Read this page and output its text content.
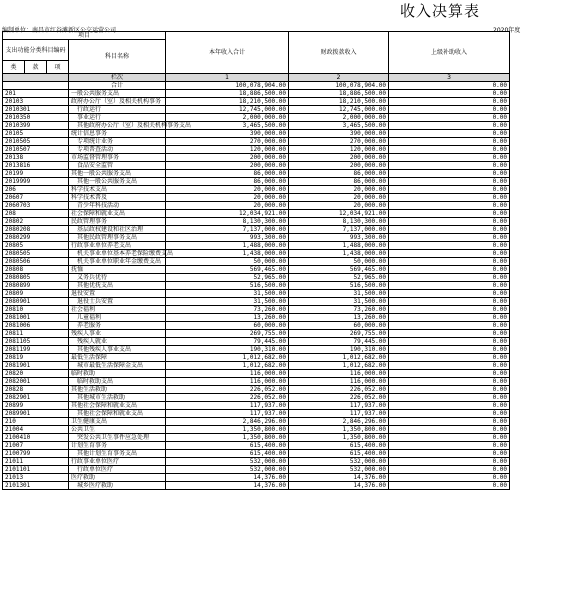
收入决算表
编制单位：南昌市红谷滩新区公交运营公司	2020年度
项目				本年收入合计	财政拨款收入	上级补助收入
支出功能分类科目编码			科目名称			
类	款	项				
			栏次	1	2	3
			合计	100,078,904.00	100,078,904.00	0.00
201			一般公共服务支出	18,886,500.00	18,886,500.00	0.00
20103			政府办公厅（室）及相关机构事务	18,210,500.00	18,210,500.00	0.00
2010301			行政运行	12,745,000.00	12,745,000.00	0.00
2010350			事业运行	2,000,000.00	2,000,000.00	0.00
2010399			其他政府办公厅（室）及相关机构事务支出	3,465,500.00	3,465,500.00	0.00
20105			统计信息事务	390,000.00	390,000.00	0.00
2010505			专项统计业务	270,000.00	270,000.00	0.00
2010507			专项普查活动	120,000.00	120,000.00	0.00
20138			市场监督管理事务	200,000.00	200,000.00	0.00
2013816			食品安全监管	200,000.00	200,000.00	0.00
20199			其他一般公共服务支出	86,000.00	86,000.00	0.00
2019999			其他一般公共服务支出	86,000.00	86,000.00	0.00
206			科学技术支出	20,000.00	20,000.00	0.00
20607			科学技术普及	20,000.00	20,000.00	0.00
2060703			青少年科技活动	20,000.00	20,000.00	0.00
208			社会保障和就业支出	12,034,921.00	12,034,921.00	0.00
20802			民政管理事务	8,130,300.00	8,130,300.00	0.00
2080208			基层政权建设和社区治理	7,137,000.00	7,137,000.00	0.00
2080299			其他民政管理事务支出	993,300.00	993,300.00	0.00
20805			行政事业单位养老支出	1,488,000.00	1,488,000.00	0.00
2080505			机关事业单位基本养老保险缴费支出	1,438,000.00	1,438,000.00	0.00
2080506			机关事业单位职业年金缴费支出	50,000.00	50,000.00	0.00
20808			抚恤	569,465.00	569,465.00	0.00
2080805			义务兵优待	52,965.00	52,965.00	0.00
2080899			其他优抚支出	516,500.00	516,500.00	0.00
20809			退役安置	31,500.00	31,500.00	0.00
2080901			退役士兵安置	31,500.00	31,500.00	0.00
20810			社会福利	73,260.00	73,260.00	0.00
2081001			儿童福利	13,260.00	13,260.00	0.00
2081006			养老服务	60,000.00	60,000.00	0.00
20811			残疾人事业	269,755.00	269,755.00	0.00
2081105			残疾人就业	79,445.00	79,445.00	0.00
2081199			其他残疾人事业支出	190,310.00	190,310.00	0.00
20819			最低生活保障	1,012,682.00	1,012,682.00	0.00
2081901			城市最低生活保障金支出	1,012,682.00	1,012,682.00	0.00
20820			临时救助	116,000.00	116,000.00	0.00
2082001			临时救助支出	116,000.00	116,000.00	0.00
20828			其他生活救助	226,052.00	226,052.00	0.00
2082901			其他城市生活救助	226,052.00	226,052.00	0.00
20899			其他社会保障和就业支出	117,937.00	117,937.00	0.00
2089901			其他社会保障和就业支出	117,937.00	117,937.00	0.00
210			卫生健康支出	2,846,296.00	2,846,296.00	0.00
21004			公共卫生	1,350,800.00	1,350,800.00	0.00
2100410			突发公共卫生事件应急处理	1,350,800.00	1,350,800.00	0.00
21007			计划生育事务	615,400.00	615,400.00	0.00
2100799			其他计划生育事务支出	615,400.00	615,400.00	0.00
21011			行政事业单位医疗	532,000.00	532,000.00	0.00
2101101			行政单位医疗	532,000.00	532,000.00	0.00
21013			医疗救助	14,376.00	14,376.00	0.00
2101301			城乡医疗救助	14,376.00	14,376.00	0.00
